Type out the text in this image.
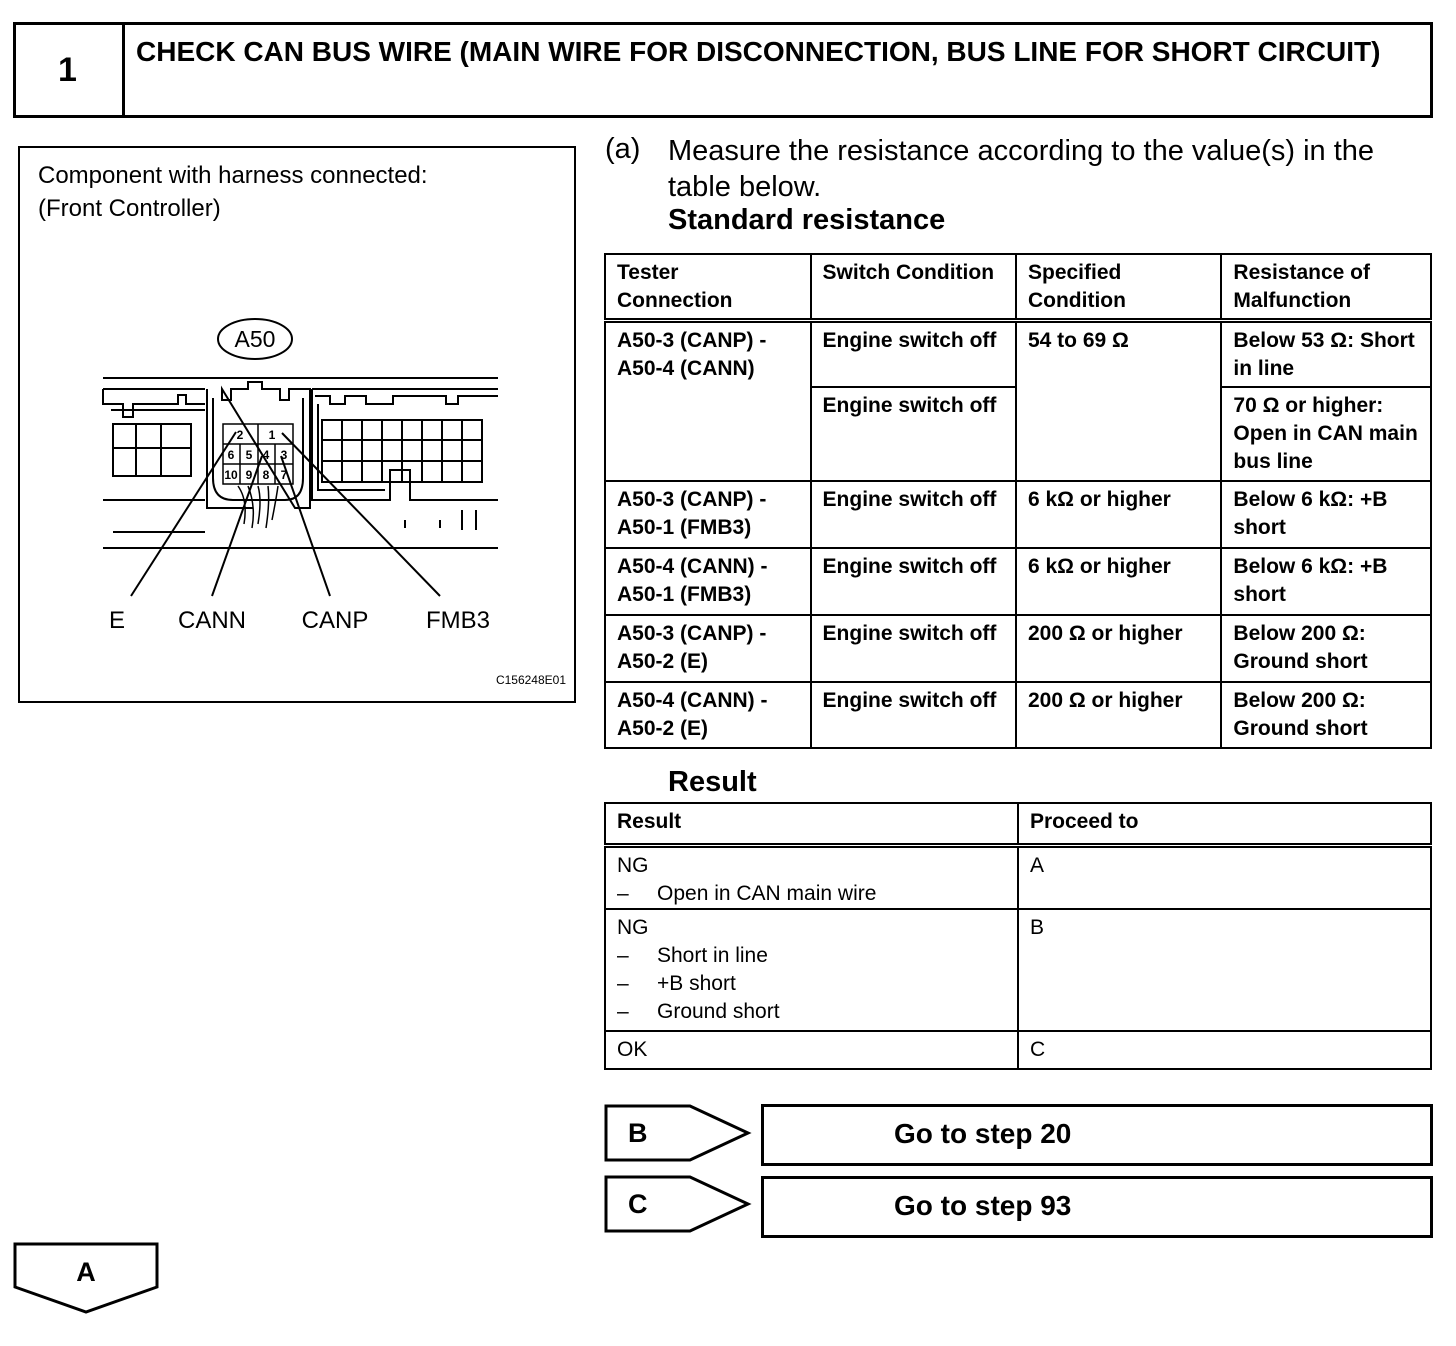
1	CHECK CAN BUS WIRE (MAIN WIRE FOR DISCONNECTION, BUS LINE FOR SHORT CIRCUIT)
Component with harness connected:
(Front Controller)
A50
2 1
6 5 4 3
10 9 8 7
E CANN CANP FMB3
C156248E01
(a) Measure the resistance according to the value(s) in the table below.
Standard resistance
Tester Connection	Switch Condition	Specified Condition	Resistance of Malfunction
A50-3 (CANP) - A50-4 (CANN)	Engine switch off	54 to 69 Ω	Below 53 Ω: Short in line
	Engine switch off		70 Ω or higher: Open in CAN main bus line
A50-3 (CANP) - A50-1 (FMB3)	Engine switch off	6 kΩ or higher	Below 6 kΩ: +B short
A50-4 (CANN) - A50-1 (FMB3)	Engine switch off	6 kΩ or higher	Below 6 kΩ: +B short
A50-3 (CANP) - A50-2 (E)	Engine switch off	200 Ω or higher	Below 200 Ω: Ground short
A50-4 (CANN) - A50-2 (E)	Engine switch off	200 Ω or higher	Below 200 Ω: Ground short
Result
Result	Proceed to

NG
– Open in CAN main wire	A

NG
– Short in line
– +B short
– Ground short	B
OK	C
B
C
A
Go to step 20
Go to step 93
